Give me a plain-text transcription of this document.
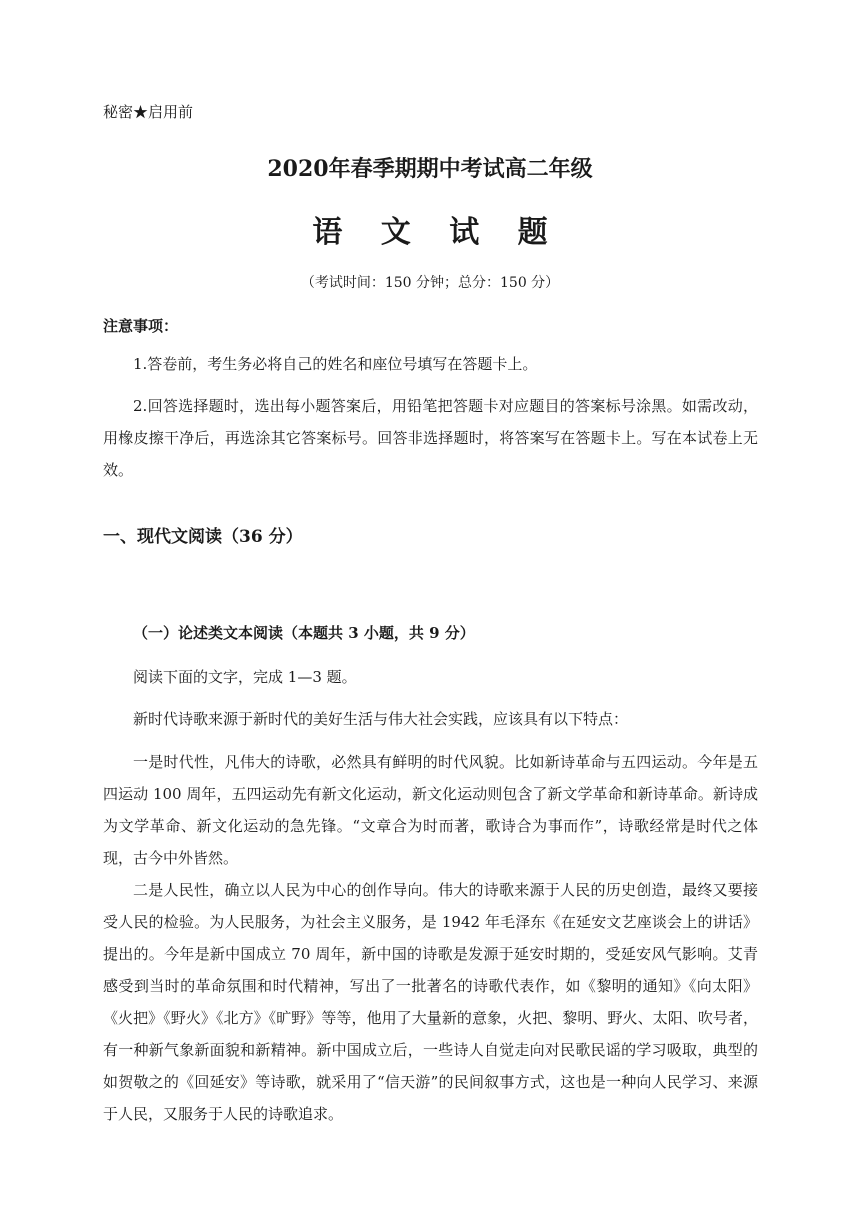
秘密★启用前
2020年春季期期中考试高二年级
语 文 试 题
（考试时间：150 分钟；总分：150 分）
注意事项：

1.答卷前，考生务必将自己的姓名和座位号填写在答题卡上。

2.回答选择题时，选出每小题答案后，用铅笔把答题卡对应题目的答案标号涂黑。如需改动，用橡皮擦干净后，再选涂其它答案标号。回答非选择题时，将答案写在答题卡上。写在本试卷上无效。

一、现代文阅读（36 分）
（一）论述类文本阅读（本题共 3 小题，共 9 分）

阅读下面的文字，完成 1—3 题。

新时代诗歌来源于新时代的美好生活与伟大社会实践，应该具有以下特点：

一是时代性，凡伟大的诗歌，必然具有鲜明的时代风貌。比如新诗革命与五四运动。今年是五四运动 100 周年，五四运动先有新文化运动，新文化运动则包含了新文学革命和新诗革命。新诗成为文学革命、新文化运动的急先锋。“文章合为时而著，歌诗合为事而作”，诗歌经常是时代之体现，古今中外皆然。

二是人民性，确立以人民为中心的创作导向。伟大的诗歌来源于人民的历史创造，最终又要接受人民的检验。为人民服务，为社会主义服务，是 1942 年毛泽东《在延安文艺座谈会上的讲话》提出的。今年是新中国成立 70 周年，新中国的诗歌是发源于延安时期的，受延安风气影响。艾青感受到当时的革命氛围和时代精神，写出了一批著名的诗歌代表作，如《黎明的通知》《向太阳》《火把》《野火》《北方》《旷野》等等，他用了大量新的意象，火把、黎明、野火、太阳、吹号者，有一种新气象新面貌和新精神。新中国成立后，一些诗人自觉走向对民歌民谣的学习吸取，典型的如贺敬之的《回延安》等诗歌，就采用了“信天游”的民间叙事方式，这也是一种向人民学习、来源于人民，又服务于人民的诗歌追求。
